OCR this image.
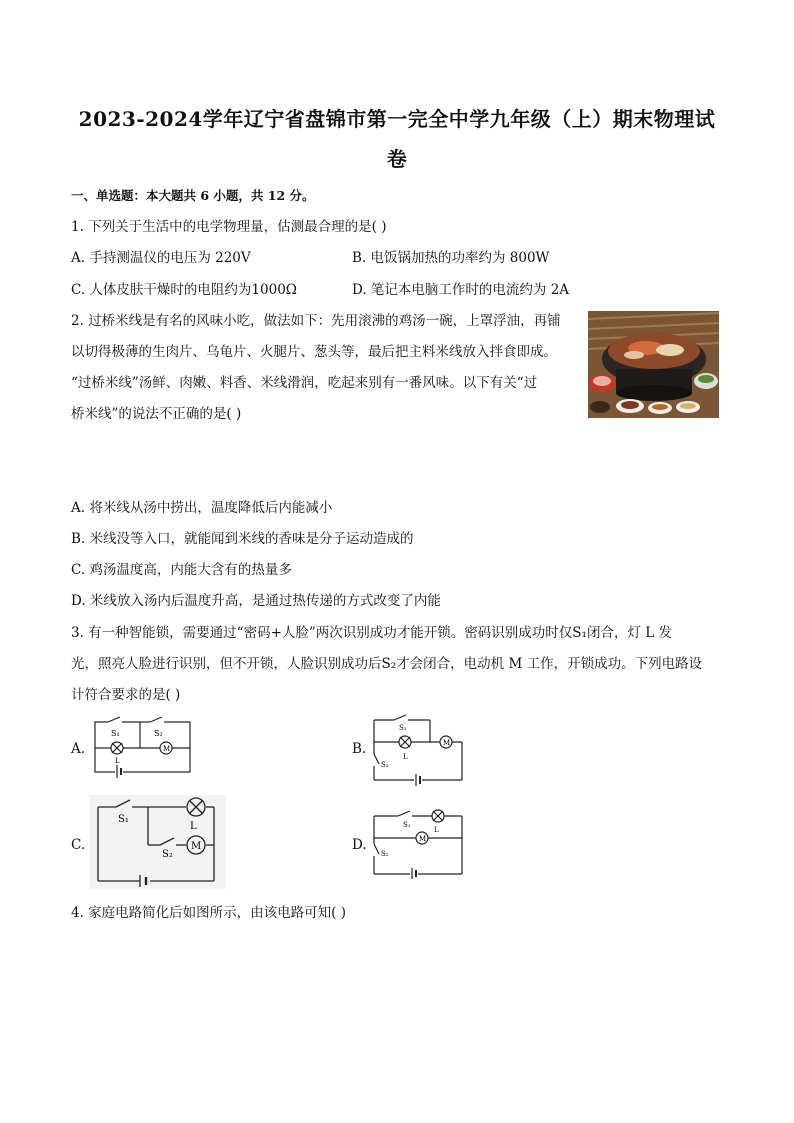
2023-2024学年辽宁省盘锦市第一完全中学九年级（上）期末物理试
卷
一、单选题：本大题共 6 小题，共 12 分。
1. 下列关于生活中的电学物理量，估测最合理的是( )
A. 手持测温仪的电压为 220V	B. 电饭锅加热的功率约为 800W
C. 人体皮肤干燥时的电阻约为1000Ω	D. 笔记本电脑工作时的电流约为 2A
2. 过桥米线是有名的风味小吃，做法如下：先用滚沸的鸡汤一碗，上罩浮油，再铺
以切得极薄的生肉片、乌龟片、火腿片、葱头等，最后把主料米线放入拌食即成。
“过桥米线”汤鲜、肉嫩、料香、米线滑润，吃起来别有一番风味。以下有关“过
桥米线”的说法不正确的是( )
A. 将米线从汤中捞出，温度降低后内能减小
B. 米线没等入口，就能闻到米线的香味是分子运动造成的
C. 鸡汤温度高，内能大含有的热量多
D. 米线放入汤内后温度升高，是通过热传递的方式改变了内能
3. 有一种智能锁，需要通过“密码+人脸”两次识别成功才能开锁。密码识别成功时仅S₁闭合，灯 L 发
光，照亮人脸进行识别，但不开锁，人脸识别成功后S₂才会闭合，电动机 M 工作，开锁成功。下列电路设
计符合要求的是( )
A.
S₁	S₂
L
M	B.
S₁
S₂
L
M
C.
S₁
S₂
L
M	D.
S₁
S₂
L
M
4. 家庭电路简化后如图所示，由该电路可知( )
